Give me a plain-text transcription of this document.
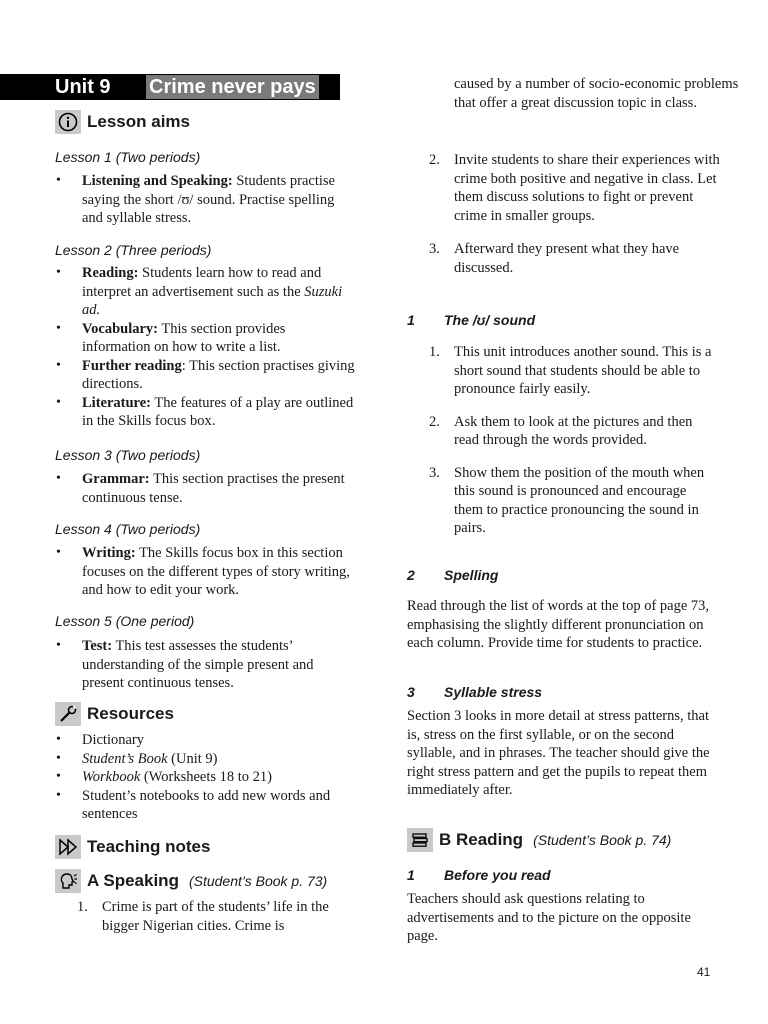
Unit 9 Crime never pays
Lesson aims
Lesson 1 (Two periods)
• Listening and Speaking: Students practise saying the short /ʊ/ sound. Practise spelling and syllable stress.
Lesson 2 (Three periods)
• Reading: Students learn how to read and interpret an advertisement such as the Suzuki ad.
• Vocabulary: This section provides information on how to write a list.
• Further reading: This section practises giving directions.
• Literature: The features of a play are outlined in the Skills focus box.
Lesson 3 (Two periods)
• Grammar: This section practises the present continuous tense.
Lesson 4 (Two periods)
• Writing: The Skills focus box in this section focuses on the different types of story writing, and how to edit your work.
Lesson 5 (One period)
• Test: This test assesses the students’ understanding of the simple present and present continuous tenses.
Resources
• Dictionary
• Student’s Book (Unit 9)
• Workbook (Worksheets 18 to 21)
• Student’s notebooks to add new words and sentences
Teaching notes
A Speaking (Student’s Book p. 73)
1. Crime is part of the students’ life in the bigger Nigerian cities. Crime is
caused by a number of socio-economic problems that offer a great discussion topic in class.
2. Invite students to share their experiences with crime both positive and negative in class. Let them discuss solutions to fight or prevent crime in smaller groups.
3. Afterward they present what they have discussed.
1	The /ʊ/ sound
1. This unit introduces another sound. This is a short sound that students should be able to pronounce fairly easily.
2. Ask them to look at the pictures and then read through the words provided.
3. Show them the position of the mouth when this sound is pronounced and encourage them to practice pronouncing the sound in pairs.
2	Spelling
Read through the list of words at the top of page 73, emphasising the slightly different pronunciation on each column. Provide time for students to practice.
3	Syllable stress
Section 3 looks in more detail at stress patterns, that is, stress on the first syllable, or on the second syllable, and in phrases. The teacher should give the right stress pattern and get the pupils to repeat them immediately after.
B Reading (Student’s Book p. 74)
1	Before you read
Teachers should ask questions relating to advertisements and to the picture on the opposite page.
41
